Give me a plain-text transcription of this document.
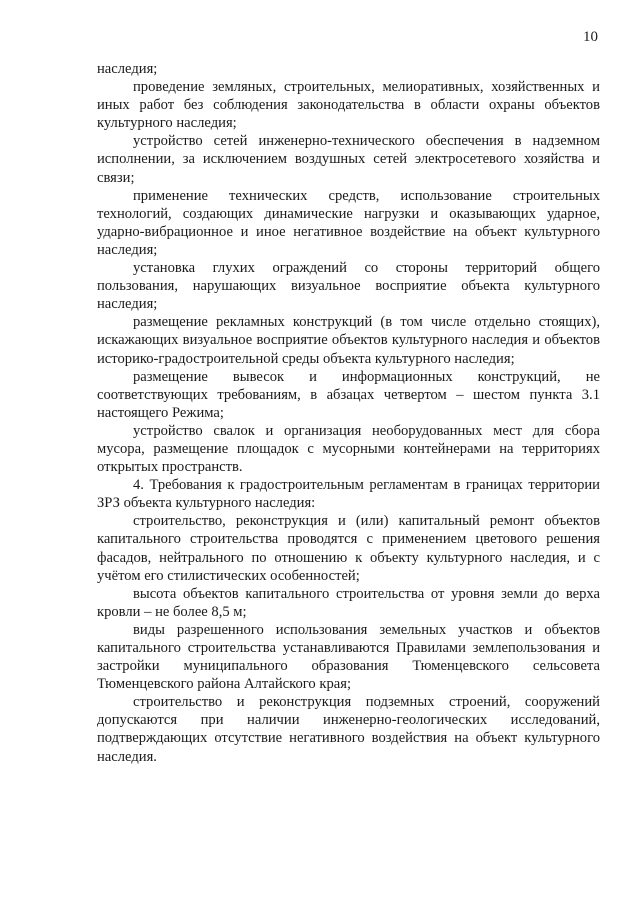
10

наследия;

проведение земляных, строительных, мелиоративных, хозяйственных и иных работ без соблюдения законодательства в области охраны объектов культурного наследия;

устройство сетей инженерно-технического обеспечения в надземном исполнении, за исключением воздушных сетей электросетевого хозяйства и связи;

применение технических средств, использование строительных технологий, создающих динамические нагрузки и оказывающих ударное, ударно-вибрационное и иное негативное воздействие на объект культурного наследия;

установка глухих ограждений со стороны территорий общего пользования, нарушающих визуальное восприятие объекта культурного наследия;

размещение рекламных конструкций (в том числе отдельно стоящих), искажающих визуальное восприятие объектов культурного наследия и объектов историко-градостроительной среды объекта культурного наследия;

размещение вывесок и информационных конструкций, не соответствующих требованиям, в абзацах четвертом – шестом пункта 3.1 настоящего Режима;

устройство свалок и организация необорудованных мест для сбора мусора, размещение площадок с мусорными контейнерами на территориях открытых пространств.

4. Требования к градостроительным регламентам в границах территории ЗРЗ объекта культурного наследия:

строительство, реконструкция и (или) капитальный ремонт объектов капитального строительства проводятся с применением цветового решения фасадов, нейтрального по отношению к объекту культурного наследия, и с учётом его стилистических особенностей;

высота объектов капитального строительства от уровня земли до верха кровли – не более 8,5 м;

виды разрешенного использования земельных участков и объектов капитального строительства устанавливаются Правилами землепользования и застройки муниципального образования Тюменцевского сельсовета Тюменцевского района Алтайского края;

строительство и реконструкция подземных строений, сооружений допускаются при наличии инженерно-геологических исследований, подтверждающих отсутствие негативного воздействия на объект культурного наследия.
